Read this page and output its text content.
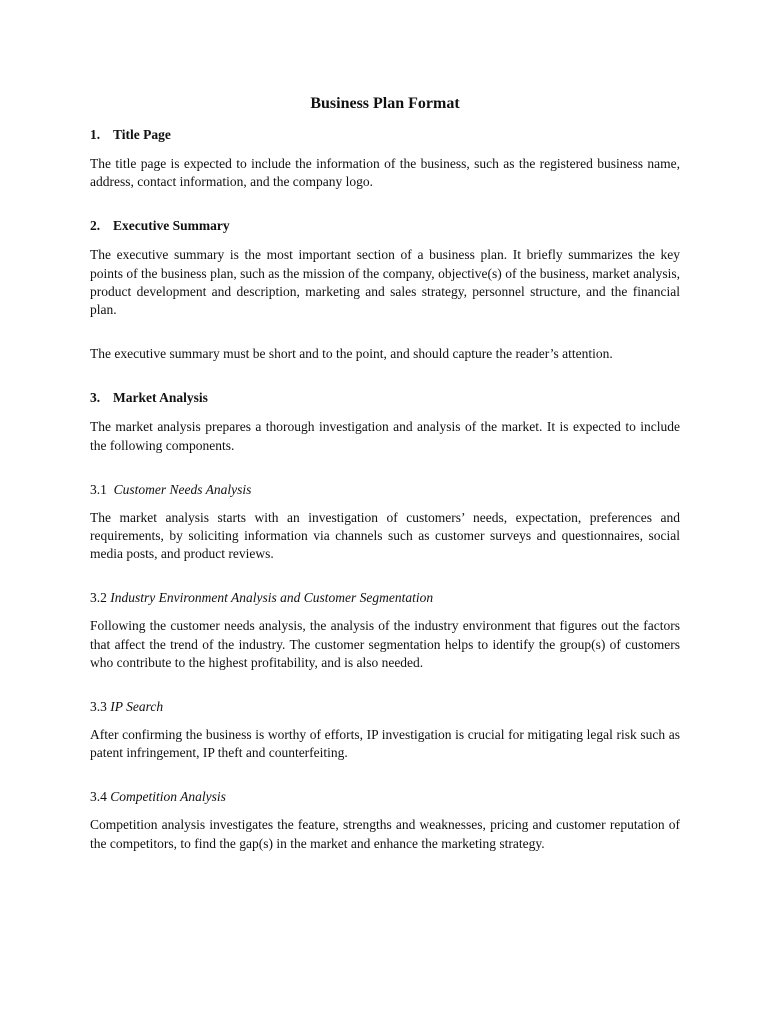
Business Plan Format
1. Title Page

The title page is expected to include the information of the business, such as the registered business name, address, contact information, and the company logo.

2. Executive Summary

The executive summary is the most important section of a business plan. It briefly summarizes the key points of the business plan, such as the mission of the company, objective(s) of the business, market analysis, product development and description, marketing and sales strategy, personnel structure, and the financial plan.

The executive summary must be short and to the point, and should capture the reader’s attention.

3. Market Analysis

The market analysis prepares a thorough investigation and analysis of the market. It is expected to include the following components.

3.1 Customer Needs Analysis

The market analysis starts with an investigation of customers’ needs, expectation, preferences and requirements, by soliciting information via channels such as customer surveys and questionnaires, social media posts, and product reviews.

3.2 Industry Environment Analysis and Customer Segmentation

Following the customer needs analysis, the analysis of the industry environment that figures out the factors that affect the trend of the industry. The customer segmentation helps to identify the group(s) of customers who contribute to the highest profitability, and is also needed.

3.3 IP Search

After confirming the business is worthy of efforts, IP investigation is crucial for mitigating legal risk such as patent infringement, IP theft and counterfeiting.

3.4 Competition Analysis

Competition analysis investigates the feature, strengths and weaknesses, pricing and customer reputation of the competitors, to find the gap(s) in the market and enhance the marketing strategy.
